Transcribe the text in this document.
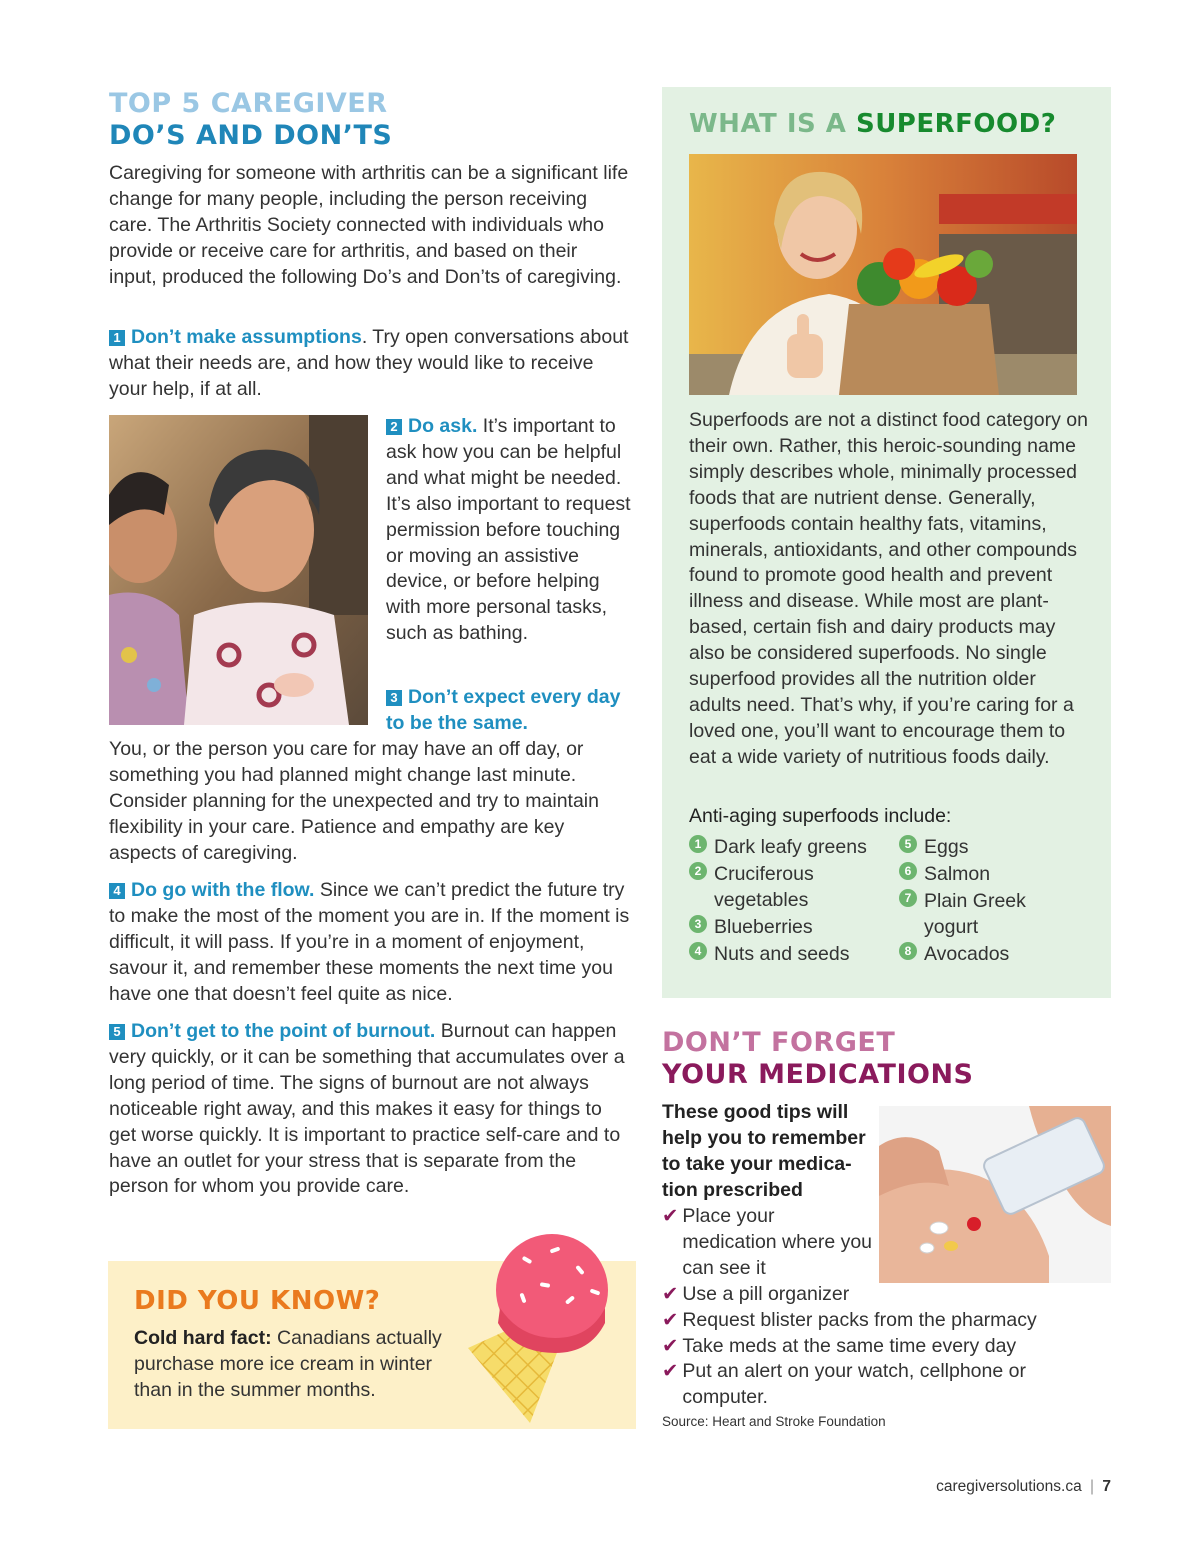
TOP 5 CAREGIVER
DO’S AND DON’TS

Caregiving for someone with arthritis can be a significant life change for many people, including the person receiving care. The Arthritis Society connected with individuals who provide or receive care for arthritis, and based on their input, produced the following Do’s and Don’ts of caregiving.

1 Don’t make assumptions. Try open conversations about what their needs are, and how they would like to receive your help, if at all.
2 Do ask. It’s important to ask how you can be helpful and what might be needed. It’s also important to request permission before touching or moving an assistive device, or before helping with more personal tasks, such as bathing.
3 Don’t expect every day to be the same.

You, or the person you care for may have an off day, or something you had planned might change last minute. Consider planning for the unexpected and try to maintain flexibility in your care. Patience and empathy are key aspects of caregiving.

4 Do go with the flow. Since we can’t predict the future try to make the most of the moment you are in. If the moment is difficult, it will pass. If you’re in a moment of enjoyment, savour it, and remember these moments the next time you have one that doesn’t feel quite as nice.
5 Don’t get to the point of burnout. Burnout can happen very quickly, or it can be something that accumulates over a long period of time. The signs of burnout are not always noticeable right away, and this makes it easy for things to get worse quickly. It is important to practice self-care and to have an outlet for your stress that is separate from the person for whom you provide care.
DID YOU KNOW?

Cold hard fact: Canadians actually purchase more ice cream in winter than in the summer months.

WHAT IS A SUPERFOOD?

Superfoods are not a distinct food category on their own. Rather, this heroic-sounding name simply describes whole, minimally processed foods that are nutrient dense. Generally, superfoods contain healthy fats, vitamins, minerals, antioxidants, and other compounds found to promote good health and prevent illness and disease. While most are plant-based, certain fish and dairy products may also be considered superfoods. No single superfood provides all the nutrition older adults need. That’s why, if you’re caring for a loved one, you’ll want to encourage them to eat a wide variety of nutritious foods daily.

Anti-aging superfoods include:
1 Dark leafy greens
2 Cruciferous vegetables
3 Blueberries
4 Nuts and seeds
5 Eggs
6 Salmon
7 Plain Greek yogurt
8 Avocados
DON’T FORGET
YOUR MEDICATIONS

These good tips will help you to remember to take your medica-tion prescribed

✔ Place your medication where you can see it
✔ Use a pill organizer
✔ Request blister packs from the pharmacy
✔ Take meds at the same time every day
✔ Put an alert on your watch, cellphone or computer.
Source: Heart and Stroke Foundation
caregiversolutions.ca | 7
